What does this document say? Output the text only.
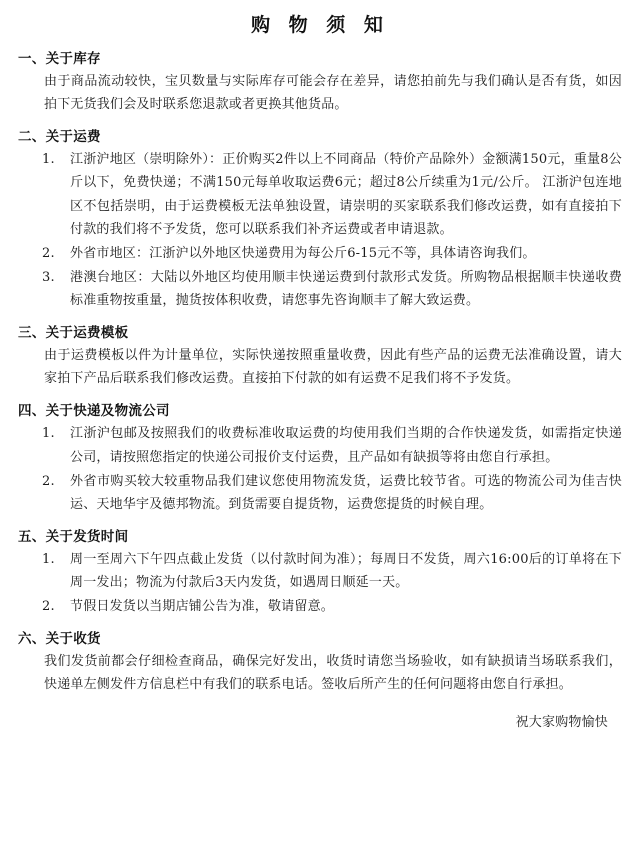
购 物 须 知
一、关于库存

由于商品流动较快，宝贝数量与实际库存可能会存在差异，请您拍前先与我们确认是否有货，如因拍下无货我们会及时联系您退款或者更换其他货品。

二、关于运费
1.	江浙沪地区（崇明除外）：正价购买2件以上不同商品（特价产品除外）金额满150元，重量8公斤以下，免费快递；不满150元每单收取运费6元；超过8公斤续重为1元/公斤。 江浙沪包连地区不包括崇明，由于运费模板无法单独设置，请崇明的买家联系我们修改运费，如有直接拍下付款的我们将不予发货，您可以联系我们补齐运费或者申请退款。
2.	外省市地区：江浙沪以外地区快递费用为每公斤6-15元不等，具体请咨询我们。
3.	港澳台地区：大陆以外地区均使用顺丰快递运费到付款形式发货。所购物品根据顺丰快递收费标准重物按重量，抛货按体积收费，请您事先咨询顺丰了解大致运费。
三、关于运费模板

由于运费模板以件为计量单位，实际快递按照重量收费，因此有些产品的运费无法准确设置，请大家拍下产品后联系我们修改运费。直接拍下付款的如有运费不足我们将不予发货。

四、关于快递及物流公司
1.	江浙沪包邮及按照我们的收费标准收取运费的均使用我们当期的合作快递发货，如需指定快递公司，请按照您指定的快递公司报价支付运费，且产品如有缺损等将由您自行承担。
2.	外省市购买较大较重物品我们建议您使用物流发货，运费比较节省。可选的物流公司为佳吉快运、天地华宇及德邦物流。到货需要自提货物，运费您提货的时候自理。
五、关于发货时间
1.	周一至周六下午四点截止发货（以付款时间为准）；每周日不发货，周六16:00后的订单将在下周一发出；物流为付款后3天内发货，如遇周日顺延一天。
2.	节假日发货以当期店铺公告为准，敬请留意。
六、关于收货

我们发货前都会仔细检查商品，确保完好发出，收货时请您当场验收，如有缺损请当场联系我们，快递单左侧发件方信息栏中有我们的联系电话。签收后所产生的任何问题将由您自行承担。

祝大家购物愉快
